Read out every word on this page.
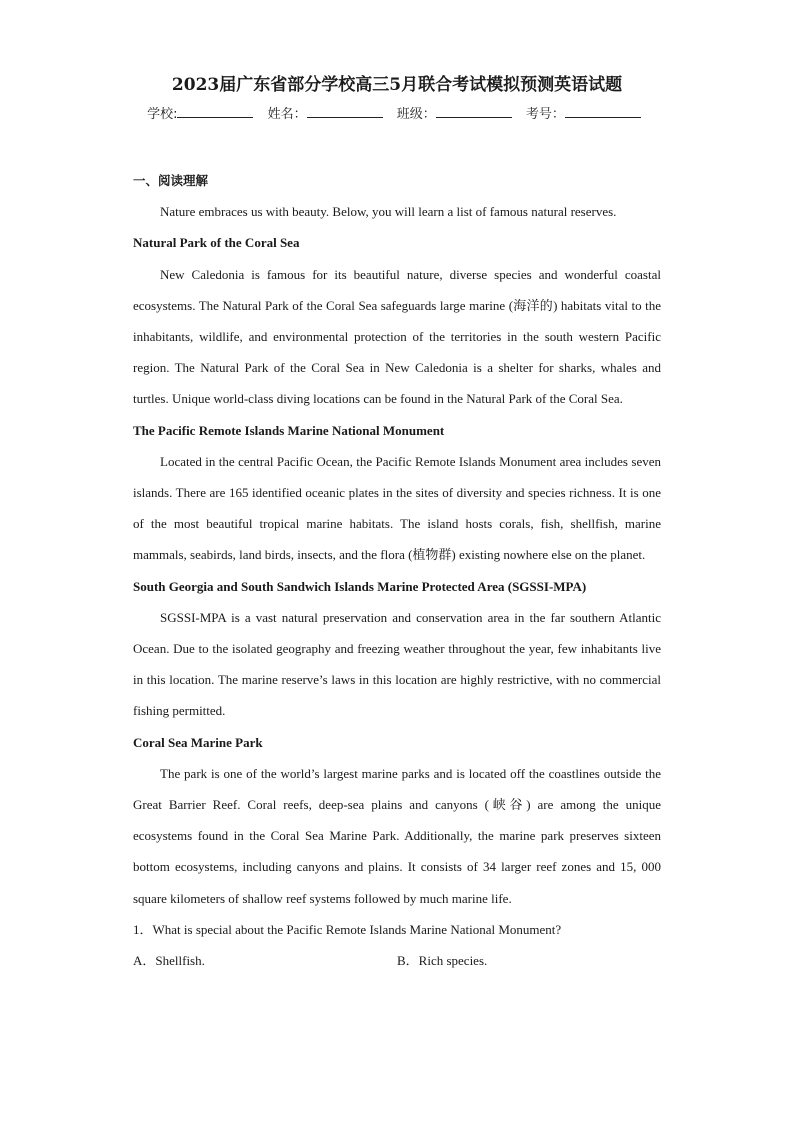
2023届广东省部分学校高三5月联合考试模拟预测英语试题
学校:	姓名：	班级：	考号：

一、阅读理解

Nature embraces us with beauty. Below, you will learn a list of famous natural reserves.

Natural Park of the Coral Sea

New Caledonia is famous for its beautiful nature, diverse species and wonderful coastal ecosystems. The Natural Park of the Coral Sea safeguards large marine (海洋的) habitats vital to the inhabitants, wildlife, and environmental protection of the territories in the south western Pacific region. The Natural Park of the Coral Sea in New Caledonia is a shelter for sharks, whales and turtles. Unique world-class diving locations can be found in the Natural Park of the Coral Sea.

The Pacific Remote Islands Marine National Monument

Located in the central Pacific Ocean, the Pacific Remote Islands Monument area includes seven islands. There are 165 identified oceanic plates in the sites of diversity and species richness. It is one of the most beautiful tropical marine habitats. The island hosts corals, fish, shellfish, marine mammals, seabirds, land birds, insects, and the flora (植物群) existing nowhere else on the planet.

South Georgia and South Sandwich Islands Marine Protected Area (SGSSI-MPA)

SGSSI-MPA is a vast natural preservation and conservation area in the far southern Atlantic Ocean. Due to the isolated geography and freezing weather throughout the year, few inhabitants live in this location. The marine reserve’s laws in this location are highly restrictive, with no commercial fishing permitted.

Coral Sea Marine Park

The park is one of the world’s largest marine parks and is located off the coastlines outside the Great Barrier Reef. Coral reefs, deep-sea plains and canyons (峡谷) are among the unique ecosystems found in the Coral Sea Marine Park. Additionally, the marine park preserves sixteen bottom ecosystems, including canyons and plains. It consists of 34 larger reef zones and 15, 000 square kilometers of shallow reef systems followed by much marine life.

1．What is special about the Pacific Remote Islands Marine National Monument?

A．Shellfish.	B．Rich species.
